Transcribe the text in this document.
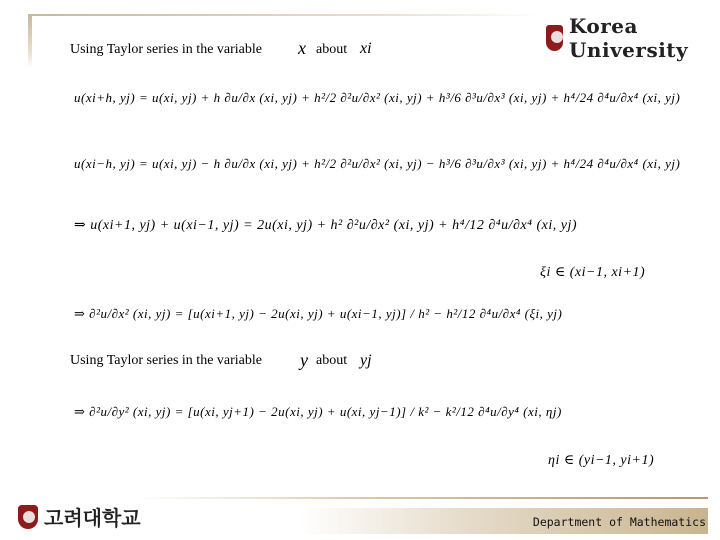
Korea University
Using Taylor series in the variable x about xi
u(xi+h, yj) = u(xi, yj) + h ∂u/∂x (xi, yj) + h²/2 ∂²u/∂x² (xi, yj) + h³/6 ∂³u/∂x³ (xi, yj) + h⁴/24 ∂⁴u/∂x⁴ (xi, yj)
u(xi−h, yj) = u(xi, yj) − h ∂u/∂x (xi, yj) + h²/2 ∂²u/∂x² (xi, yj) − h³/6 ∂³u/∂x³ (xi, yj) + h⁴/24 ∂⁴u/∂x⁴ (xi, yj)
⇒ u(xi+1, yj) + u(xi−1, yj) = 2u(xi, yj) + h² ∂²u/∂x² (xi, yj) + h⁴/12 ∂⁴u/∂x⁴ (xi, yj)
ξi ∈ (xi−1, xi+1)
⇒ ∂²u/∂x² (xi, yj) = [u(xi+1, yj) − 2u(xi, yj) + u(xi−1, yj)] / h² − h²/12 ∂⁴u/∂x⁴ (ξi, yj)
Using Taylor series in the variable y about yj
⇒ ∂²u/∂y² (xi, yj) = [u(xi, yj+1) − 2u(xi, yj) + u(xi, yj−1)] / k² − k²/12 ∂⁴u/∂y⁴ (xi, ηj)
ηi ∈ (yi−1, yi+1)
고려대학교	Department of Mathematics
